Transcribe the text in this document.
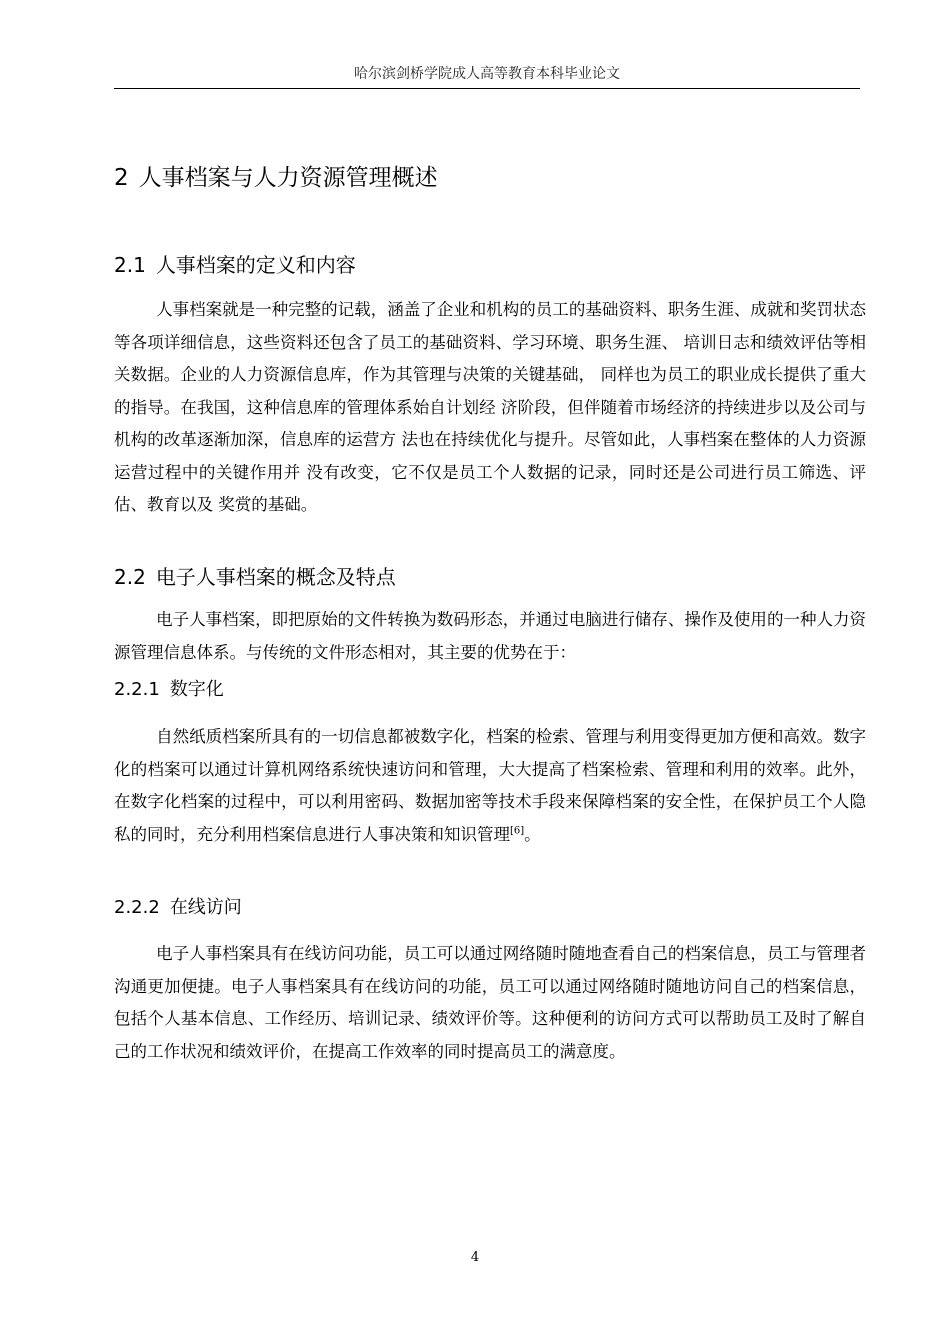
哈尔滨剑桥学院成人高等教育本科毕业论文
2 人事档案与人力资源管理概述
2.1 人事档案的定义和内容

人事档案就是一种完整的记载，涵盖了企业和机构的员工的基础资料、职务生涯、成就和奖罚状态等各项详细信息，这些资料还包含了员工的基础资料、学习环境、职务生涯、 培训日志和绩效评估等相关数据。企业的人力资源信息库，作为其管理与决策的关键基础， 同样也为员工的职业成长提供了重大的指导。在我国，这种信息库的管理体系始自计划经 济阶段，但伴随着市场经济的持续进步以及公司与机构的改革逐渐加深，信息库的运营方 法也在持续优化与提升。尽管如此，人事档案在整体的人力资源运营过程中的关键作用并 没有改变，它不仅是员工个人数据的记录，同时还是公司进行员工筛选、评估、教育以及 奖赏的基础。

2.2 电子人事档案的概念及特点

电子人事档案，即把原始的文件转换为数码形态，并通过电脑进行储存、操作及使用的一种人力资源管理信息体系。与传统的文件形态相对，其主要的优势在于：

2.2.1 数字化

自然纸质档案所具有的一切信息都被数字化，档案的检索、管理与利用变得更加方便和高效。数字化的档案可以通过计算机网络系统快速访问和管理，大大提高了档案检索、管理和利用的效率。此外，在数字化档案的过程中，可以利用密码、数据加密等技术手段来保障档案的安全性，在保护员工个人隐私的同时，充分利用档案信息进行人事决策和知识管理[6]。

2.2.2 在线访问

电子人事档案具有在线访问功能，员工可以通过网络随时随地查看自己的档案信息，员工与管理者沟通更加便捷。电子人事档案具有在线访问的功能，员工可以通过网络随时随地访问自己的档案信息，包括个人基本信息、工作经历、培训记录、绩效评价等。这种便利的访问方式可以帮助员工及时了解自己的工作状况和绩效评价，在提高工作效率的同时提高员工的满意度。

4
